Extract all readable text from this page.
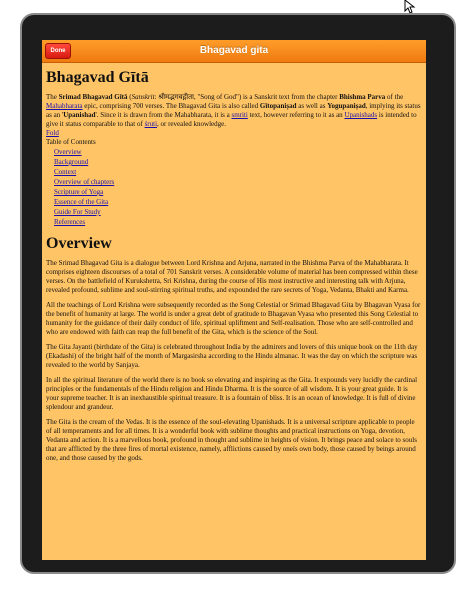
Done	Bhagavad gita
Bhagavad Gītā

The Srimad Bhagavad Gītā (Sanskrit: श्रीमद्भगवद्गीता, "Song of God") is a Sanskrit text from the chapter Bhishma Parva of the Mahabharata epic, comprising 700 verses. The Bhagavad Gita is also called Gītopaniṣad as well as Yogupaniṣad, implying its status as an 'Upanishad'. Since it is drawn from the Mahabharata, it is a smriti text, however referring to it as an Upanishads is intended to give it status comparable to that of śruti, or revealed knowledge.

Fold
Table of Contents
Overview
Background
Context
Overview of chapters
Scripture of Yoga
Essence of the Gita
Guide For Study
References
Overview

The Srimad Bhagavad Gita is a dialogue between Lord Krishna and Arjuna, narrated in the Bhishma Parva of the Mahabharata. It comprises eighteen discourses of a total of 701 Sanskrit verses. A considerable volume of material has been compressed within these verses. On the battlefield of Kurukshetra, Sri Krishna, during the course of His most instructive and interesting talk with Arjuna, revealed profound, sublime and soul-stirring spiritual truths, and expounded the rare secrets of Yoga, Vedanta, Bhakti and Karma.

All the teachings of Lord Krishna were subsequently recorded as the Song Celestial or Srimad Bhagavad Gita by Bhagavan Vyasa for the benefit of humanity at large. The world is under a great debt of gratitude to Bhagavan Vyasa who presented this Song Celestial to humanity for the guidance of their daily conduct of life, spiritual upliftment and Self-realisation. Those who are self-controlled and who are endowed with faith can reap the full benefit of the Gita, which is the science of the Soul.

The Gita Jayanti (birthdate of the Gita) is celebrated throughout India by the admirers and lovers of this unique book on the 11th day (Ekadashi) of the bright half of the month of Margasirsha according to the Hindu almanac. It was the day on which the scripture was revealed to the world by Sanjaya.

In all the spiritual literature of the world there is no book so elevating and inspiring as the Gita. It expounds very lucidly the cardinal principles or the fundamentals of the Hindu religion and Hindu Dharma. It is the source of all wisdom. It is your great guide. It is your supreme teacher. It is an inexhaustible spiritual treasure. It is a fountain of bliss. It is an ocean of knowledge. It is full of divine splendour and grandeur.

The Gita is the cream of the Vedas. It is the essence of the soul-elevating Upanishads. It is a universal scripture applicable to people of all temperaments and for all times. It is a wonderful book with sublime thoughts and practical instructions on Yoga, devotion, Vedanta and action. It is a marvellous book, profound in thought and sublime in heights of vision. It brings peace and solace to souls that are afflicted by the three fires of mortal existence, namely, afflictions caused by oneís own body, those caused by beings around one, and those caused by the gods.
